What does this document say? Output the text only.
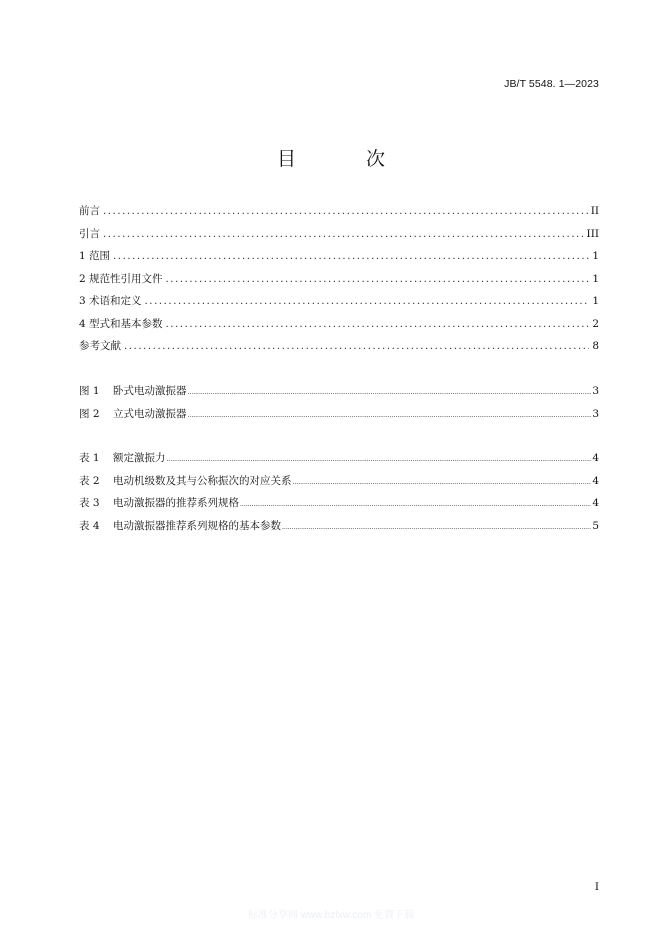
JB/T 5548. 1—2023
目 次
前言 .....	II
引言 .....	III
1 范围 .....	1
2 规范性引用文件 .....	1
3 术语和定义 .....	1
4 型式和基本参数 .....	2
参考文献 .....	8
图 1 卧式电动激振器 .....	3
图 2 立式电动激振器 .....	3
表 1 额定激振力 .....	4
表 2 电动机级数及其与公称振次的对应关系 .....	4
表 3 电动激振器的推荐系列规格 .....	4
表 4 电动激振器推荐系列规格的基本参数 .....	5
I
标准分享网 www.bzfxw.com 免费下载
